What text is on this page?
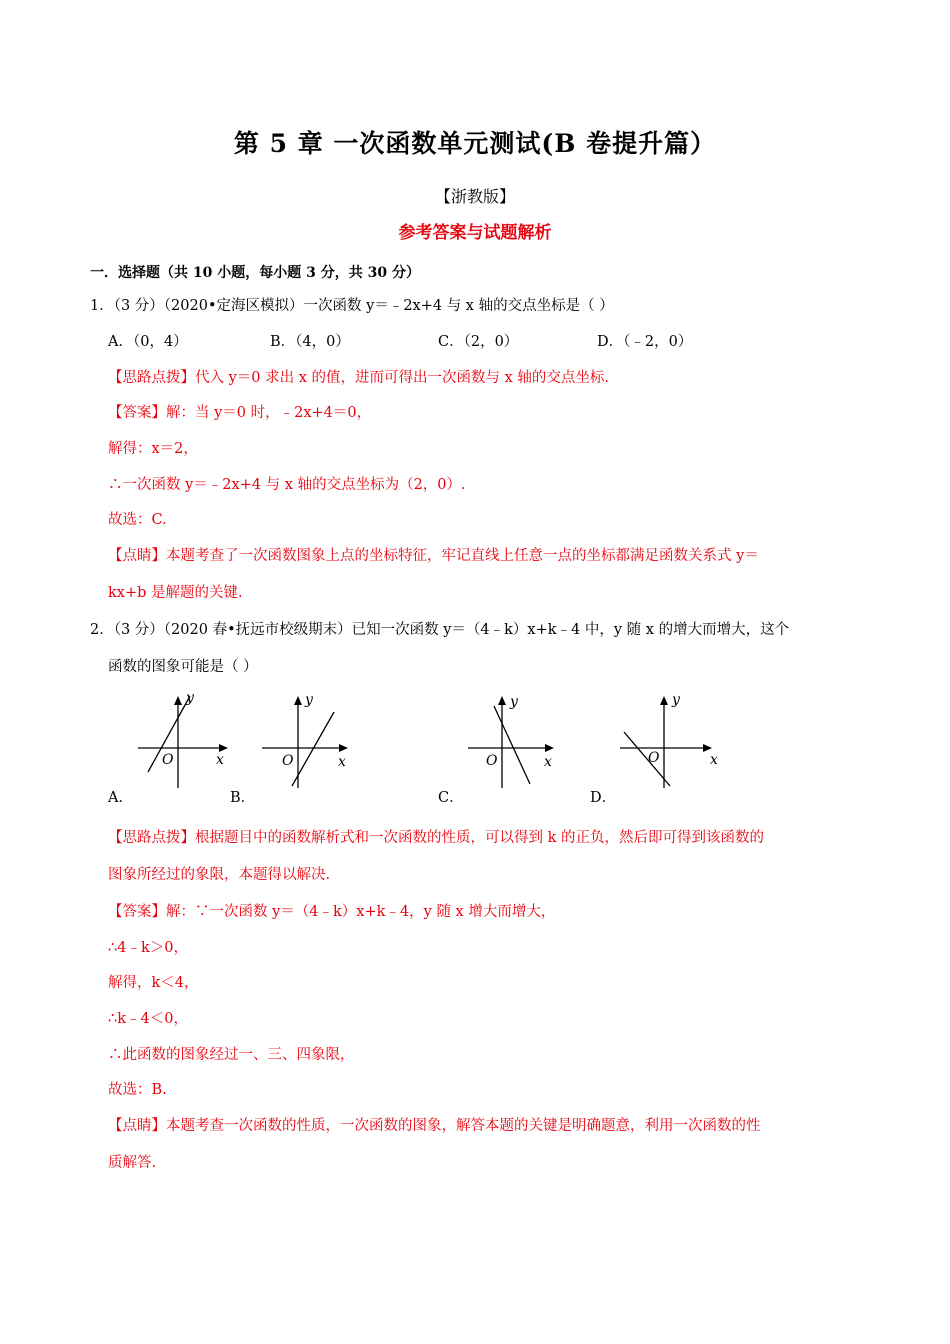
第 5 章 一次函数单元测试(B 卷提升篇）
【浙教版】
参考答案与试题解析
一．选择题（共 10 小题，每小题 3 分，共 30 分）
1．（3 分）（2020•定海区模拟）一次函数 y＝﹣2x+4 与 x 轴的交点坐标是（ ）
A．（0，4）	B．（4，0）	C．（2，0）	D．（﹣2，0）
【思路点拨】代入 y＝0 求出 x 的值，进而可得出一次函数与 x 轴的交点坐标.
【答案】解：当 y＝0 时，﹣2x+4＝0，
解得：x＝2，
∴一次函数 y＝﹣2x+4 与 x 轴的交点坐标为（2，0）.
故选：C.
【点睛】本题考查了一次函数图象上点的坐标特征，牢记直线上任意一点的坐标都满足函数关系式 y＝
kx+b 是解题的关键.
2．（3 分）（2020 春•抚远市校级期末）已知一次函数 y＝（4﹣k）x+k﹣4 中，y 随 x 的增大而增大，这个
函数的图象可能是（ ）
y
x
O
y
x
O
y
x
O
y
x
O
A．	B．	C．	D．
【思路点拨】根据题目中的函数解析式和一次函数的性质，可以得到 k 的正负，然后即可得到该函数的
图象所经过的象限，本题得以解决.
【答案】解：∵一次函数 y＝（4﹣k）x+k﹣4，y 随 x 增大而增大，
∴4﹣k＞0，
解得，k＜4，
∴k﹣4＜0，
∴此函数的图象经过一、三、四象限，
故选：B.
【点睛】本题考查一次函数的性质，一次函数的图象，解答本题的关键是明确题意，利用一次函数的性
质解答.
